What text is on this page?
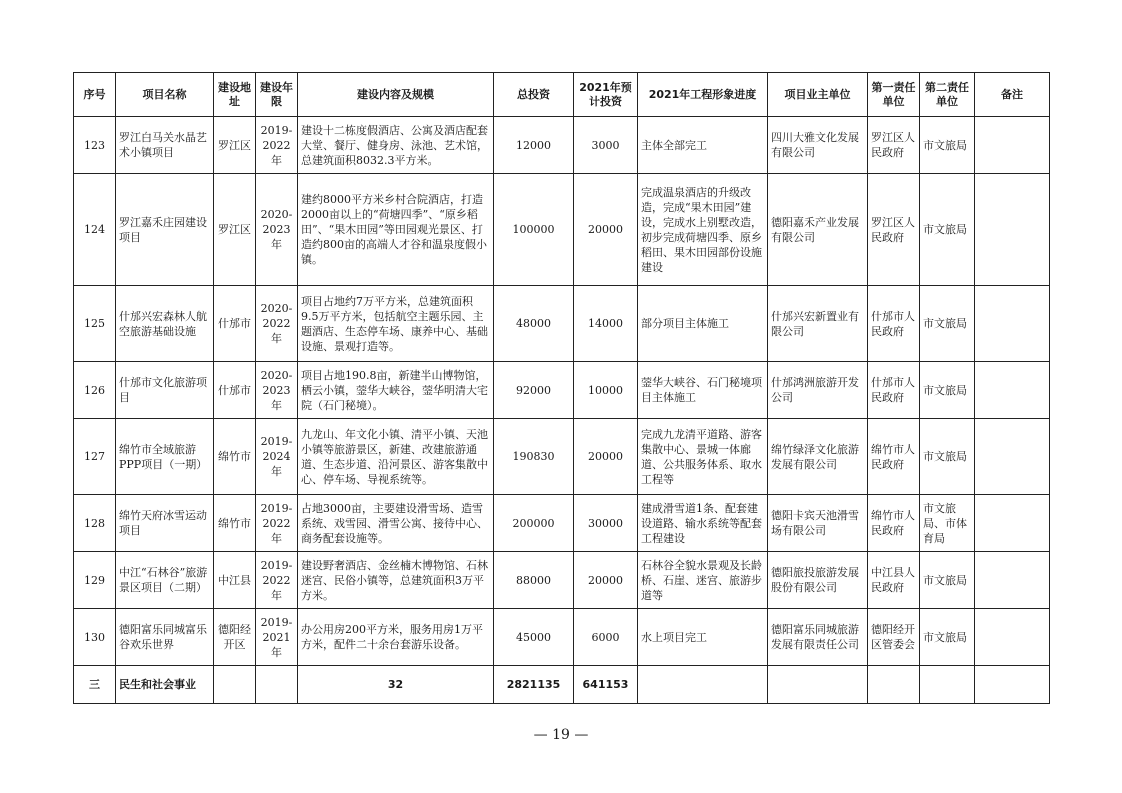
序号	项目名称	建设地址	建设年限	建设内容及规模	总投资	2021年预计投资	2021年工程形象进度	项目业主单位	第一责任单位	第二责任单位	备注
123	罗江白马关水晶艺术小镇项目	罗江区	2019-2022年	建设十二栋度假酒店、公寓及酒店配套大堂、餐厅、健身房、泳池、艺术馆，总建筑面积8032.3平方米。	12000	3000	主体全部完工	四川大雅文化发展有限公司	罗江区人民政府	市文旅局	
124	罗江嘉禾庄园建设项目	罗江区	2020-2023年	建约8000平方米乡村合院酒店，打造2000亩以上的“荷塘四季”、“原乡稻田”、“果木田园”等田园观光景区、打造约800亩的高端人才谷和温泉度假小镇。	100000	20000	完成温泉酒店的升级改造，完成“果木田园”建设，完成水上别墅改造，初步完成荷塘四季、原乡稻田、果木田园部份设施建设	德阳嘉禾产业发展有限公司	罗江区人民政府	市文旅局	
125	什邡兴宏森林人航空旅游基础设施	什邡市	2020-2022年	项目占地约7万平方米，总建筑面积9.5万平方米，包括航空主题乐园、主题酒店、生态停车场、康养中心、基础设施、景观打造等。	48000	14000	部分项目主体施工	什邡兴宏新置业有限公司	什邡市人民政府	市文旅局	
126	什邡市文化旅游项目	什邡市	2020-2023年	项目占地190.8亩，新建半山博物馆，栖云小镇，蓥华大峡谷，蓥华明清大宅院（石门秘境）。	92000	10000	蓥华大峡谷、石门秘境项目主体施工	什邡鸿洲旅游开发公司	什邡市人民政府	市文旅局	
127	绵竹市全域旅游PPP项目（一期）	绵竹市	2019-2024年	九龙山、年文化小镇、清平小镇、天池小镇等旅游景区，新建、改建旅游通道、生态步道、沿河景区、游客集散中心、停车场、导视系统等。	190830	20000	完成九龙清平道路、游客集散中心、景城一体廊道、公共服务体系、取水工程等	绵竹绿泽文化旅游发展有限公司	绵竹市人民政府	市文旅局	
128	绵竹天府冰雪运动项目	绵竹市	2019-2022年	占地3000亩，主要建设滑雪场、造雪系统、戏雪园、滑雪公寓、接待中心、商务配套设施等。	200000	30000	建成滑雪道1条、配套建设道路、输水系统等配套工程建设	德阳卡宾天池滑雪场有限公司	绵竹市人民政府	市文旅局、市体育局	
129	中江“石林谷”旅游景区项目（二期）	中江县	2019-2022年	建设野奢酒店、金丝楠木博物馆、石林迷宫、民俗小镇等，总建筑面积3万平方米。	88000	20000	石林谷全貌水景观及长龄桥、石崖、迷宫、旅游步道等	德阳旅投旅游发展股份有限公司	中江县人民政府	市文旅局	
130	德阳富乐同城富乐谷欢乐世界	德阳经开区	2019-2021年	办公用房200平方米，服务用房1万平方米，配件二十余台套游乐设备。	45000	6000	水上项目完工	德阳富乐同城旅游发展有限责任公司	德阳经开区管委会	市文旅局	
三	民生和社会事业			32	2821135	641153					
— 19 —
